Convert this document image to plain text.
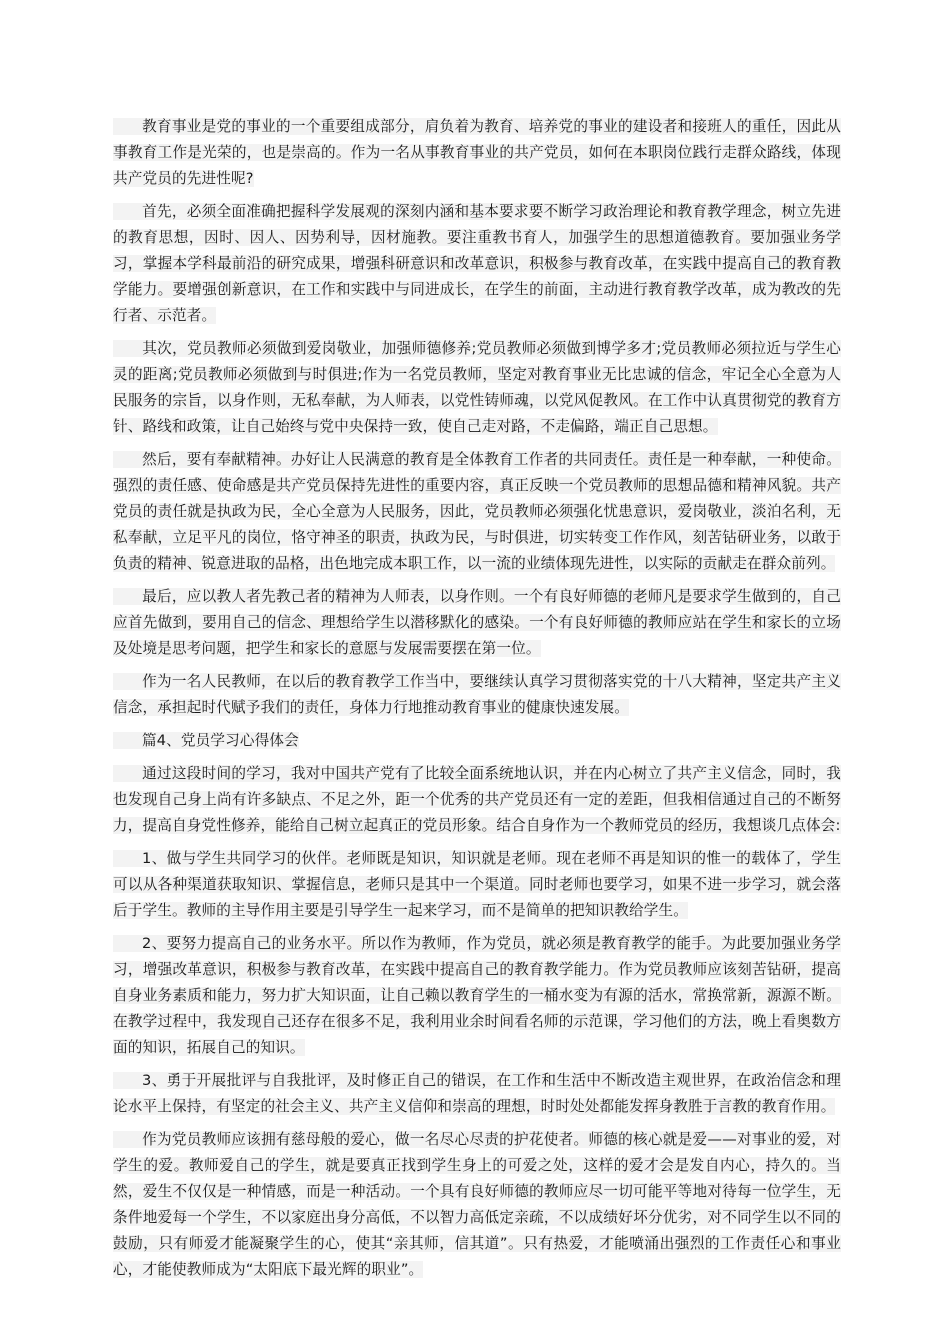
教育事业是党的事业的一个重要组成部分，肩负着为教育、培养党的事业的建设者和接班人的重任，因此从事教育工作是光荣的，也是崇高的。作为一名从事教育事业的共产党员，如何在本职岗位践行走群众路线，体现共产党员的先进性呢?

首先，必须全面准确把握科学发展观的深刻内涵和基本要求要不断学习政治理论和教育教学理念，树立先进的教育思想，因时、因人、因势利导，因材施教。要注重教书育人，加强学生的思想道德教育。要加强业务学习，掌握本学科最前沿的研究成果，增强科研意识和改革意识，积极参与教育改革，在实践中提高自己的教育教学能力。要增强创新意识，在工作和实践中与同进成长，在学生的前面，主动进行教育教学改革，成为教改的先行者、示范者。

其次，党员教师必须做到爱岗敬业，加强师德修养;党员教师必须做到博学多才;党员教师必须拉近与学生心灵的距离;党员教师必须做到与时俱进;作为一名党员教师，坚定对教育事业无比忠诚的信念，牢记全心全意为人民服务的宗旨，以身作则，无私奉献，为人师表，以党性铸师魂，以党风促教风。在工作中认真贯彻党的教育方针、路线和政策，让自己始终与党中央保持一致，使自己走对路，不走偏路，端正自己思想。

然后，要有奉献精神。办好让人民满意的教育是全体教育工作者的共同责任。责任是一种奉献，一种使命。强烈的责任感、使命感是共产党员保持先进性的重要内容，真正反映一个党员教师的思想品德和精神风貌。共产党员的责任就是执政为民，全心全意为人民服务，因此，党员教师必须强化忧患意识，爱岗敬业，淡泊名利，无私奉献，立足平凡的岗位，恪守神圣的职责，执政为民，与时俱进，切实转变工作作风，刻苦钻研业务，以敢于负责的精神、锐意进取的品格，出色地完成本职工作，以一流的业绩体现先进性，以实际的贡献走在群众前列。

最后，应以教人者先教己者的精神为人师表，以身作则。一个有良好师德的老师凡是要求学生做到的，自己应首先做到，要用自己的信念、理想给学生以潜移默化的感染。一个有良好师德的教师应站在学生和家长的立场及处境是思考问题，把学生和家长的意愿与发展需要摆在第一位。

作为一名人民教师，在以后的教育教学工作当中，要继续认真学习贯彻落实党的十八大精神，坚定共产主义信念，承担起时代赋予我们的责任，身体力行地推动教育事业的健康快速发展。

篇4、党员学习心得体会

通过这段时间的学习，我对中国共产党有了比较全面系统地认识，并在内心树立了共产主义信念，同时，我也发现自己身上尚有许多缺点、不足之外，距一个优秀的共产党员还有一定的差距，但我相信通过自己的不断努力，提高自身党性修养，能给自己树立起真正的党员形象。结合自身作为一个教师党员的经历，我想谈几点体会:

1、做与学生共同学习的伙伴。老师既是知识，知识就是老师。现在老师不再是知识的惟一的载体了，学生可以从各种渠道获取知识、掌握信息，老师只是其中一个渠道。同时老师也要学习，如果不进一步学习，就会落后于学生。教师的主导作用主要是引导学生一起来学习，而不是简单的把知识教给学生。

2、要努力提高自己的业务水平。所以作为教师，作为党员，就必须是教育教学的能手。为此要加强业务学习，增强改革意识，积极参与教育改革，在实践中提高自己的教育教学能力。作为党员教师应该刻苦钻研，提高自身业务素质和能力，努力扩大知识面，让自己赖以教育学生的一桶水变为有源的活水，常换常新，源源不断。在教学过程中，我发现自己还存在很多不足，我利用业余时间看名师的示范课，学习他们的方法，晚上看奥数方面的知识，拓展自己的知识。

3、勇于开展批评与自我批评，及时修正自己的错误，在工作和生活中不断改造主观世界，在政治信念和理论水平上保持，有坚定的社会主义、共产主义信仰和崇高的理想，时时处处都能发挥身教胜于言教的教育作用。

作为党员教师应该拥有慈母般的爱心，做一名尽心尽责的护花使者。师德的核心就是爱——对事业的爱，对学生的爱。教师爱自己的学生，就是要真正找到学生身上的可爱之处，这样的爱才会是发自内心，持久的。当然，爱生不仅仅是一种情感，而是一种活动。一个具有良好师德的教师应尽一切可能平等地对待每一位学生，无条件地爱每一个学生，不以家庭出身分高低，不以智力高低定亲疏，不以成绩好坏分优劣，对不同学生以不同的鼓励，只有师爱才能凝聚学生的心，使其“亲其师，信其道”。只有热爱，才能喷涌出强烈的工作责任心和事业心，才能使教师成为“太阳底下最光辉的职业”。
